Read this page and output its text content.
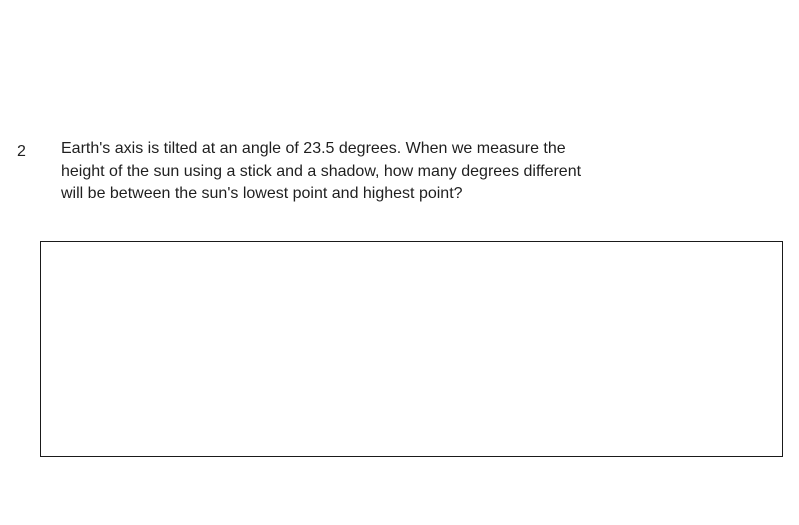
2 Earth's axis is tilted at an angle of 23.5 degrees. When we measure the
height of the sun using a stick and a shadow, how many degrees different
will be between the sun's lowest point and highest point?
